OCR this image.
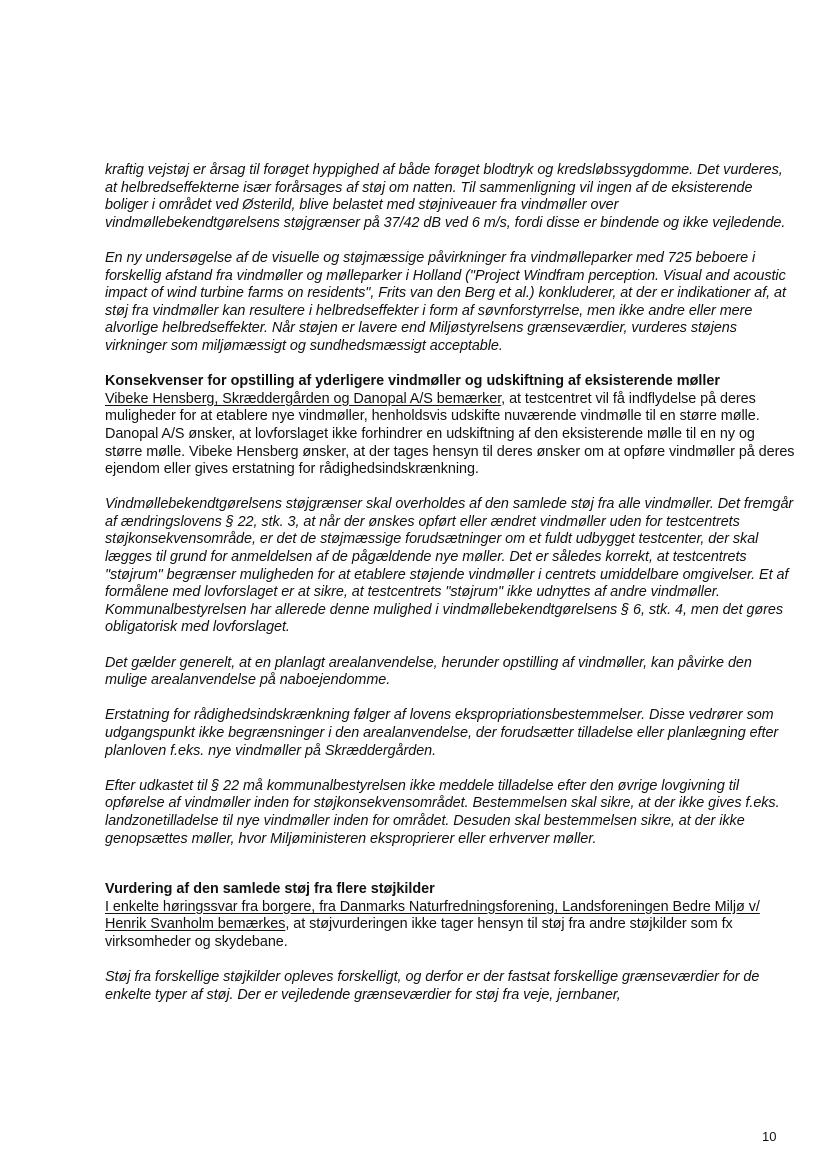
kraftig vejstøj er årsag til forøget hyppighed af både forøget blodtryk og kredsløbssygdomme. Det vurderes, at helbredseffekterne især forårsages af støj om natten. Til sammenligning vil ingen af de eksisterende boliger i området ved Østerild, blive belastet med støjniveauer fra vindmøller over vindmøllebekendtgørelsens støjgrænser på 37/42 dB ved 6 m/s, fordi disse er bindende og ikke vejledende.

En ny undersøgelse af de visuelle og støjmæssige påvirkninger fra vindmølleparker med 725 beboere i forskellig afstand fra vindmøller og mølleparker i Holland ("Project Windfram perception. Visual and acoustic impact of wind turbine farms on residents", Frits van den Berg et al.) konkluderer, at der er indikationer af, at støj fra vindmøller kan resultere i helbredseffekter i form af søvnforstyrrelse, men ikke andre eller mere alvorlige helbredseffekter. Når støjen er lavere end Miljøstyrelsens grænseværdier, vurderes støjens virkninger som miljømæssigt og sundhedsmæssigt acceptable.

Konsekvenser for opstilling af yderligere vindmøller og udskiftning af eksisterende møller

Vibeke Hensberg, Skræddergården og Danopal A/S bemærker, at testcentret vil få indflydelse på deres muligheder for at etablere nye vindmøller, henholdsvis udskifte nuværende vindmølle til en større mølle. Danopal A/S ønsker, at lovforslaget ikke forhindrer en udskiftning af den eksisterende mølle til en ny og større mølle. Vibeke Hensberg ønsker, at der tages hensyn til deres ønsker om at opføre vindmøller på deres ejendom eller gives erstatning for rådighedsindskrænkning.

Vindmøllebekendtgørelsens støjgrænser skal overholdes af den samlede støj fra alle vindmøller. Det fremgår af ændringslovens § 22, stk. 3, at når der ønskes opført eller ændret vindmøller uden for testcentrets støjkonsekvensområde, er det de støjmæssige forudsætninger om et fuldt udbygget testcenter, der skal lægges til grund for anmeldelsen af de pågældende nye møller. Det er således korrekt, at testcentrets "støjrum" begrænser muligheden for at etablere støjende vindmøller i centrets umiddelbare omgivelser. Et af formålene med lovforslaget er at sikre, at testcentrets "støjrum" ikke udnyttes af andre vindmøller. Kommunalbestyrelsen har allerede denne mulighed i vindmøllebekendtgørelsens § 6, stk. 4, men det gøres obligatorisk med lovforslaget.

Det gælder generelt, at en planlagt arealanvendelse, herunder opstilling af vindmøller, kan påvirke den mulige arealanvendelse på naboejendomme.

Erstatning for rådighedsindskrænkning følger af lovens ekspropriationsbestemmelser. Disse vedrører som udgangspunkt ikke begrænsninger i den arealanvendelse, der forudsætter tilladelse eller planlægning efter planloven f.eks. nye vindmøller på Skræddergården.

Efter udkastet til § 22 må kommunalbestyrelsen ikke meddele tilladelse efter den øvrige lovgivning til opførelse af vindmøller inden for støjkonsekvensområdet. Bestemmelsen skal sikre, at der ikke gives f.eks. landzonetilladelse til nye vindmøller inden for området. Desuden skal bestemmelsen sikre, at der ikke genopsættes møller, hvor Miljøministeren eksproprierer eller erhverver møller.

Vurdering af den samlede støj fra flere støjkilder

I enkelte høringssvar fra borgere, fra Danmarks Naturfredningsforening, Landsforeningen Bedre Miljø v/ Henrik Svanholm bemærkes, at støjvurderingen ikke tager hensyn til støj fra andre støjkilder som fx virksomheder og skydebane.

Støj fra forskellige støjkilder opleves forskelligt, og derfor er der fastsat forskellige grænseværdier for de enkelte typer af støj. Der er vejledende grænseværdier for støj fra veje, jernbaner,

10
